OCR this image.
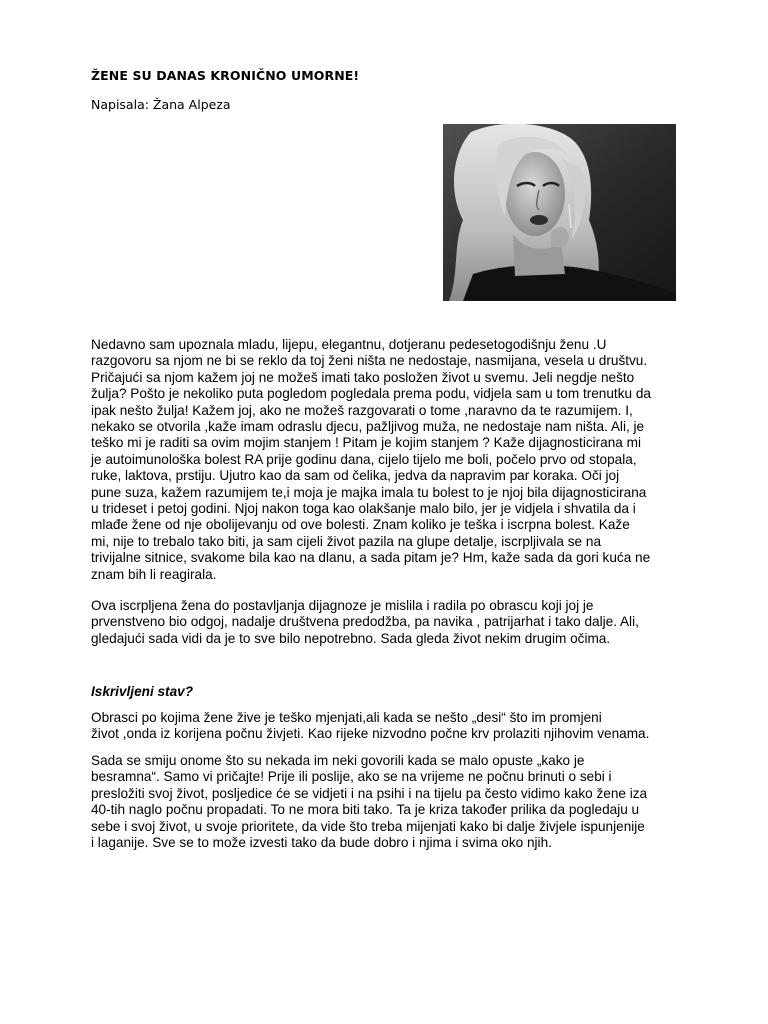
ŽENE SU DANAS KRONIČNO UMORNE!
Napisala: Žana Alpeza
Nedavno sam upoznala mladu, lijepu, elegantnu, dotjeranu pedesetogodišnju ženu .U
razgovoru sa njom ne bi se reklo da toj ženi ništa ne nedostaje, nasmijana, vesela u društvu.
Pričajući sa njom kažem joj ne možeš imati tako posložen život u svemu. Jeli negdje nešto
žulja? Pošto je nekoliko puta pogledom pogledala prema podu, vidjela sam u tom trenutku da
ipak nešto žulja! Kažem joj, ako ne možeš razgovarati o tome ,naravno da te razumijem. I,
nekako se otvorila ,kaže imam odraslu djecu, pažljivog muža, ne nedostaje nam ništa. Ali, je
teško mi je raditi sa ovim mojim stanjem ! Pitam je kojim stanjem ? Kaže dijagnosticirana mi
je autoimunološka bolest RA prije godinu dana, cijelo tijelo me boli, počelo prvo od stopala,
ruke, laktova, prstiju. Ujutro kao da sam od čelika, jedva da napravim par koraka. Oči joj
pune suza, kažem razumijem te,i moja je majka imala tu bolest to je njoj bila dijagnosticirana
u trideset i petoj godini. Njoj nakon toga kao olakšanje malo bilo, jer je vidjela i shvatila da i
mlađe žene od nje obolijevanju od ove bolesti. Znam koliko je teška i iscrpna bolest. Kaže
mi, nije to trebalo tako biti, ja sam cijeli život pazila na glupe detalje, iscrpljivala se na
trivijalne sitnice, svakome bila kao na dlanu, a sada pitam je? Hm, kaže sada da gori kuća ne
znam bih li reagirala.
Ova iscrpljena žena do postavljanja dijagnoze je mislila i radila po obrascu koji joj je
prvenstveno bio odgoj, nadalje društvena predodžba, pa navika , patrijarhat i tako dalje. Ali,
gledajući sada vidi da je to sve bilo nepotrebno. Sada gleda život nekim drugim očima.
Iskrivljeni stav?
Obrasci po kojima žene žive je teško mjenjati,ali kada se nešto „desi“ što im promjeni
život ,onda iz korijena počnu živjeti. Kao rijeke nizvodno počne krv prolaziti njihovim venama.
Sada se smiju onome što su nekada im neki govorili kada se malo opuste „kako je
besramna“. Samo vi pričajte! Prije ili poslije, ako se na vrijeme ne počnu brinuti o sebi i
presložiti svoj život, posljedice će se vidjeti i na psihi i na tijelu pa često vidimo kako žene iza
40-tih naglo počnu propadati. To ne mora biti tako. Ta je kriza također prilika da pogledaju u
sebe i svoj život, u svoje prioritete, da vide što treba mijenjati kako bi dalje živjele ispunjenije
i laganije. Sve se to može izvesti tako da bude dobro i njima i svima oko njih.
